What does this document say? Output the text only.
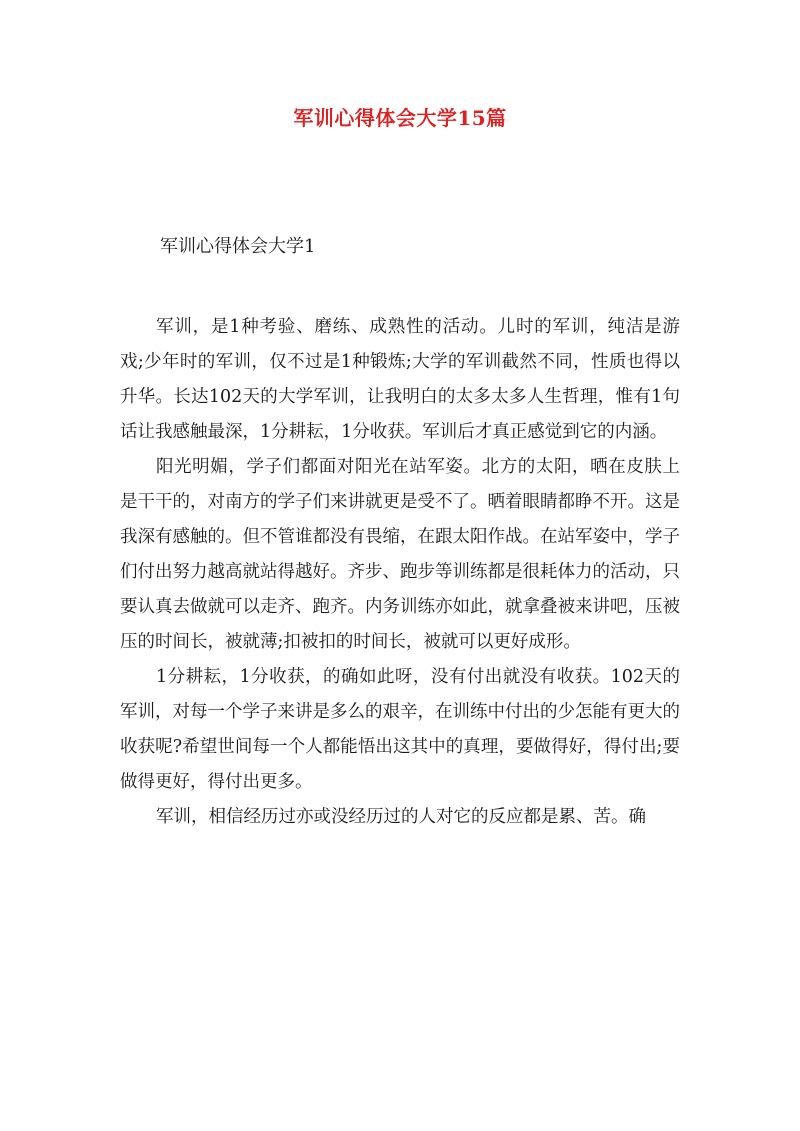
军训心得体会大学15篇
军训心得体会大学1

军训，是1种考验、磨练、成熟性的活动。儿时的军训，纯洁是游戏;少年时的军训，仅不过是1种锻炼;大学的军训截然不同，性质也得以升华。长达102天的大学军训，让我明白的太多太多人生哲理，惟有1句话让我感触最深，1分耕耘，1分收获。军训后才真正感觉到它的内涵。

阳光明媚，学子们都面对阳光在站军姿。北方的太阳，晒在皮肤上是干干的，对南方的学子们来讲就更是受不了。晒着眼睛都睁不开。这是我深有感触的。但不管谁都没有畏缩，在跟太阳作战。在站军姿中，学子们付出努力越高就站得越好。齐步、跑步等训练都是很耗体力的活动，只要认真去做就可以走齐、跑齐。内务训练亦如此，就拿叠被来讲吧，压被压的时间长，被就薄;扣被扣的时间长，被就可以更好成形。

1分耕耘，1分收获，的确如此呀，没有付出就没有收获。102天的军训，对每一个学子来讲是多么的艰辛，在训练中付出的少怎能有更大的收获呢?希望世间每一个人都能悟出这其中的真理，要做得好，得付出;要做得更好，得付出更多。

军训，相信经历过亦或没经历过的人对它的反应都是累、苦。确
